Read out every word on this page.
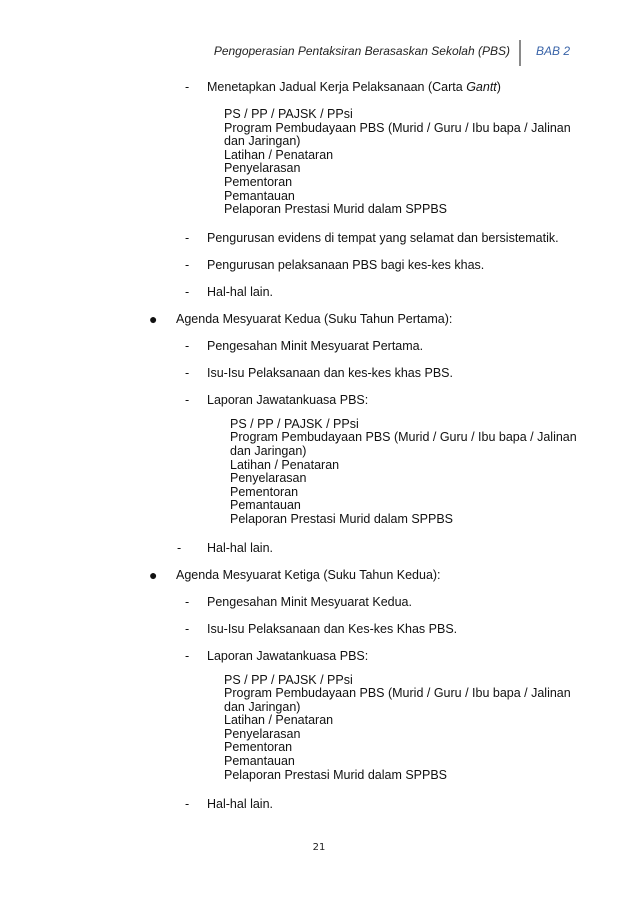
Pengoperasian Pentaksiran Berasaskan Sekolah (PBS) BAB 2
- Menetapkan Jadual Kerja Pelaksanaan (Carta Gantt)
PS / PP / PAJSK / PPsi
Program Pembudayaan PBS (Murid / Guru / Ibu bapa / Jalinan dan Jaringan)
Latihan / Penataran
Penyelarasan
Pementoran
Pemantauan
Pelaporan Prestasi Murid dalam SPPBS
- Pengurusan evidens di tempat yang selamat dan bersistematik.
- Pengurusan pelaksanaan PBS bagi kes-kes khas.
- Hal-hal lain.
● Agenda Mesyuarat Kedua (Suku Tahun Pertama):
- Pengesahan Minit Mesyuarat Pertama.
- Isu-Isu Pelaksanaan dan kes-kes khas PBS.
- Laporan Jawatankuasa PBS:
PS / PP / PAJSK / PPsi
Program Pembudayaan PBS (Murid / Guru / Ibu bapa / Jalinan dan Jaringan)
Latihan / Penataran
Penyelarasan
Pementoran
Pemantauan
Pelaporan Prestasi Murid dalam SPPBS
- Hal-hal lain.
● Agenda Mesyuarat Ketiga (Suku Tahun Kedua):
- Pengesahan Minit Mesyuarat Kedua.
- Isu-Isu Pelaksanaan dan Kes-kes Khas PBS.
- Laporan Jawatankuasa PBS:
PS / PP / PAJSK / PPsi
Program Pembudayaan PBS (Murid / Guru / Ibu bapa / Jalinan dan Jaringan)
Latihan / Penataran
Penyelarasan
Pementoran
Pemantauan
Pelaporan Prestasi Murid dalam SPPBS
- Hal-hal lain.
21
